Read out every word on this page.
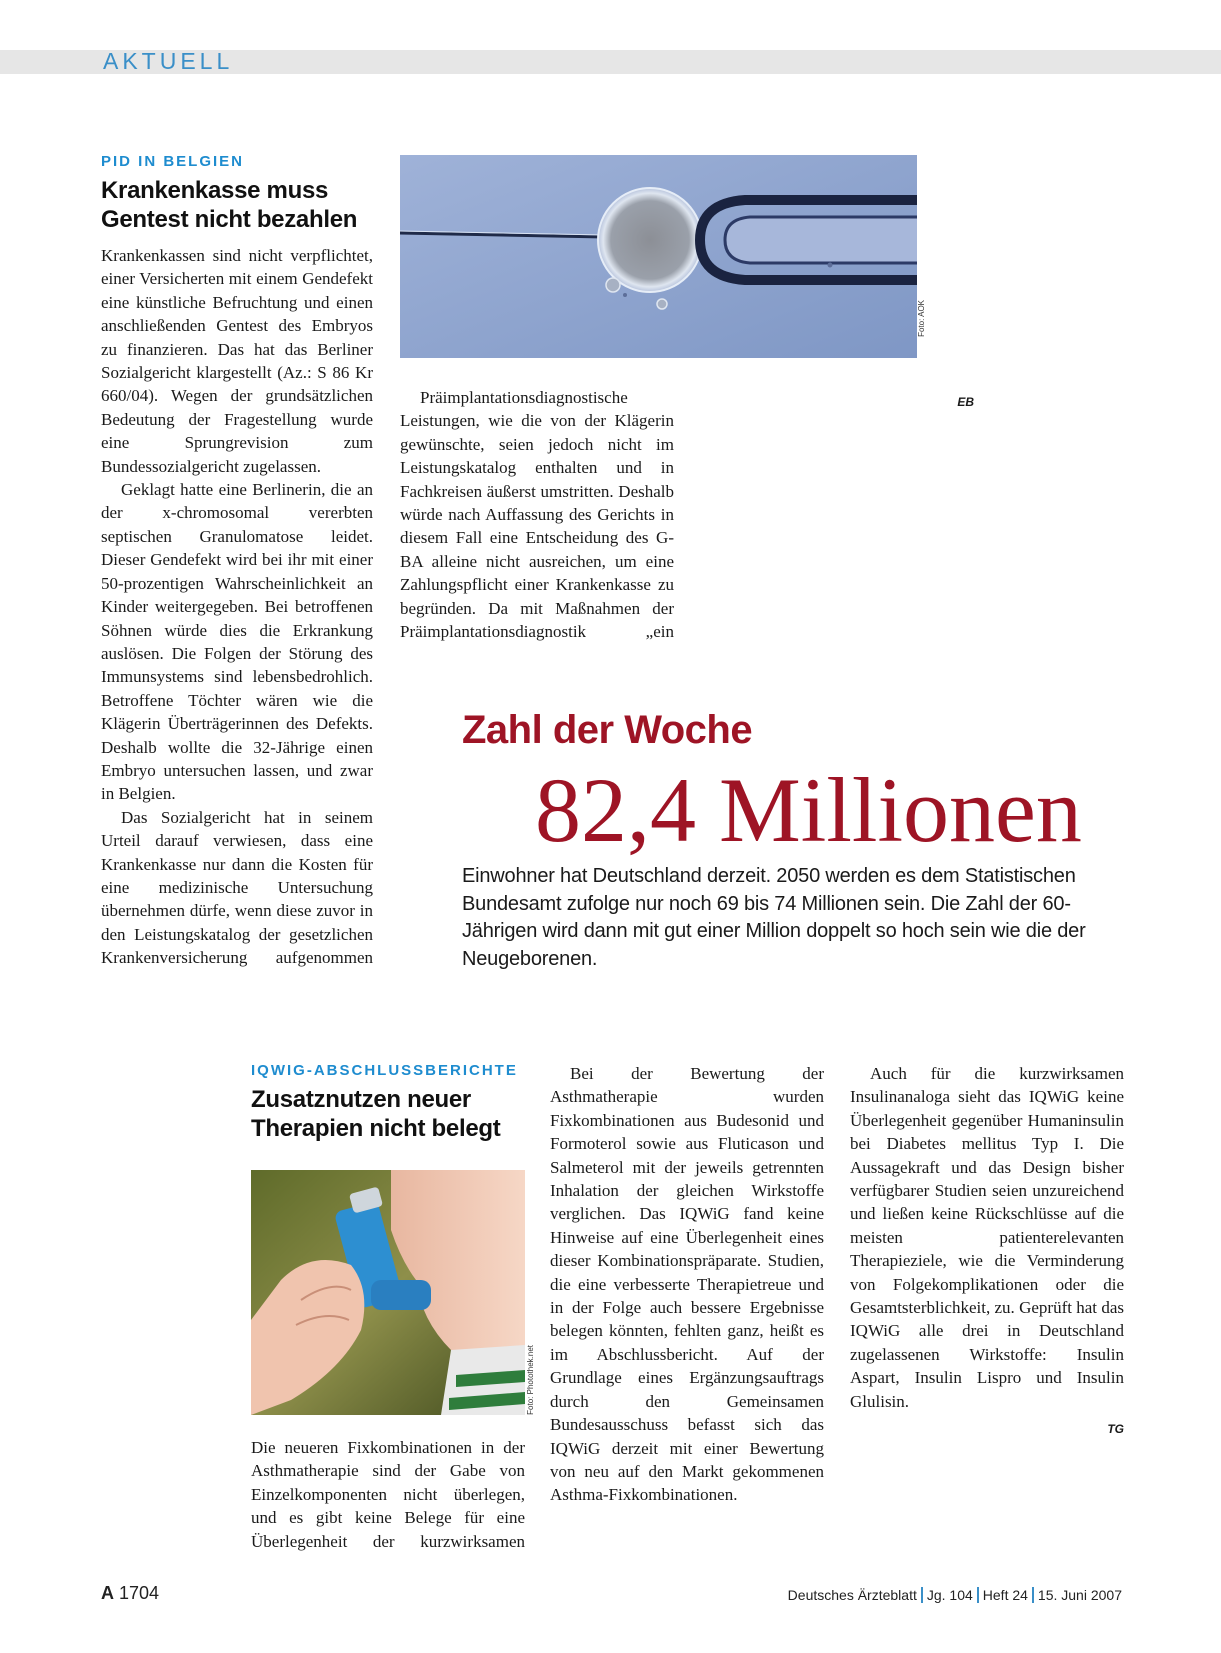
AKTUELL
PID IN BELGIEN
Krankenkasse muss Gentest nicht bezahlen
Foto: AOK

Krankenkassen sind nicht verpflichtet, einer Versicherten mit einem Gendefekt eine künstliche Befruchtung und einen anschließenden Gentest des Embryos zu finanzieren. Das hat das Berliner Sozialgericht klargestellt (Az.: S 86 Kr 660/04). Wegen der grundsätzlichen Bedeutung der Fragestellung wurde eine Sprungrevision zum Bundessozialgericht zugelassen.

Geklagt hatte eine Berlinerin, die an der x-chromosomal vererbten septischen Granulomatose leidet. Dieser Gendefekt wird bei ihr mit einer 50-prozentigen Wahrscheinlichkeit an Kinder weitergegeben. Bei betroffenen Söhnen würde dies die Erkrankung auslösen. Die Folgen der Störung des Immunsystems sind lebensbedrohlich. Betroffene Töchter wären wie die Klägerin Überträgerinnen des Defekts. Deshalb wollte die 32-Jährige einen Embryo untersuchen lassen, und zwar in Belgien.

Das Sozialgericht hat in seinem Urteil darauf verwiesen, dass eine Krankenkasse nur dann die Kosten für eine medizinische Untersuchung übernehmen dürfe, wenn diese zuvor in den Leistungskatalog der gesetzlichen Krankenversicherung aufgenommen

Präimplantationsdiagnostische Leistungen, wie die von der Klägerin gewünschte, seien jedoch nicht im Leistungskatalog enthalten und in Fachkreisen äußerst umstritten. Deshalb würde nach Auffassung des Gerichts in diesem Fall eine Entscheidung des G-BA alleine nicht ausreichen, um eine Zahlungspflicht einer Krankenkasse zu begründen. Da mit Maßnahmen der Präimplantationsdiagnostik „ein

EB
Zahl der Woche
82,4 Millionen
Einwohner hat Deutschland derzeit. 2050 werden es dem Statistischen Bundesamt zufolge nur noch 69 bis 74 Millionen sein. Die Zahl der 60-Jährigen wird dann mit gut einer Million doppelt so hoch sein wie die der Neugeborenen.
IQWIG-ABSCHLUSSBERICHTE
Zusatznutzen neuer Therapien nicht belegt
Foto: Photothek.net

Die neueren Fixkombinationen in der Asthmatherapie sind der Gabe von Einzelkomponenten nicht überlegen, und es gibt keine Belege für eine Überlegenheit der kurzwirksamen

Bei der Bewertung der Asthmatherapie wurden Fixkombinationen aus Budesonid und Formoterol sowie aus Fluticason und Salmeterol mit der jeweils getrennten Inhalation der gleichen Wirkstoffe verglichen. Das IQWiG fand keine Hinweise auf eine Überlegenheit eines dieser Kombinationspräparate. Studien, die eine verbesserte Therapietreue und in der Folge auch bessere Ergebnisse belegen könnten, fehlten ganz, heißt es im Abschlussbericht. Auf der Grundlage eines Ergänzungsauftrags durch den Gemeinsamen Bundesausschuss befasst sich das IQWiG derzeit mit einer Bewertung von neu auf den Markt gekommenen Asthma-Fixkombinationen.

Auch für die kurzwirksamen Insulinanaloga sieht das IQWiG keine Überlegenheit gegenüber Humaninsulin bei Diabetes mellitus Typ I. Die Aussagekraft und das Design bisher verfügbarer Studien seien unzureichend und ließen keine Rückschlüsse auf die meisten patienterelevanten Therapieziele, wie die Verminderung von Folgekomplikationen oder die Gesamtsterblichkeit, zu. Geprüft hat das IQWiG alle drei in Deutschland zugelassenen Wirkstoffe: Insulin Aspart, Insulin Lispro und Insulin Glulisin.

TG
A 1704	Deutsches Ärzteblatt Jg. 104 Heft 24 15. Juni 2007
